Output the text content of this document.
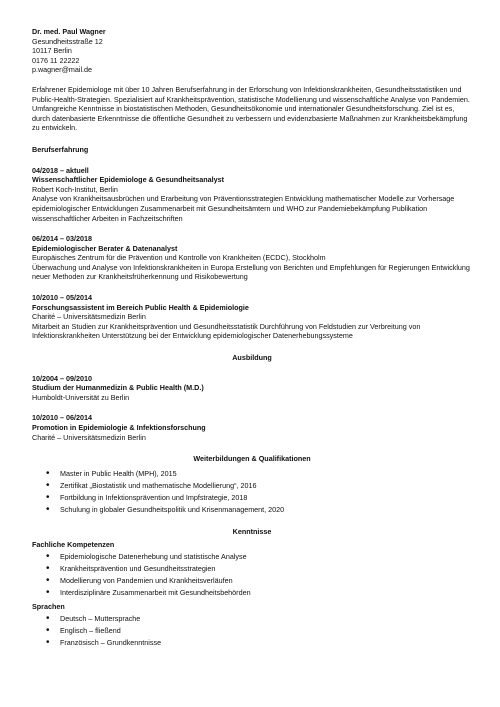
Dr. med. Paul Wagner
Gesundheitsstraße 12
10117 Berlin
0176 11 22222
p.wagner@mail.de
Erfahrener Epidemiologe mit über 10 Jahren Berufserfahrung in der Erforschung von Infektionskrankheiten, Gesundheitsstatistiken und Public-Health-Strategien. Spezialisiert auf Krankheitsprävention, statistische Modellierung und wissenschaftliche Analyse von Pandemien. Umfangreiche Kenntnisse in biostatistischen Methoden, Gesundheitsökonomie und internationaler Gesundheitsforschung. Ziel ist es, durch datenbasierte Erkenntnisse die öffentliche Gesundheit zu verbessern und evidenzbasierte Maßnahmen zur Krankheitsbekämpfung zu entwickeln.
Berufserfahrung
04/2018 – aktuell
Wissenschaftlicher Epidemiologe & Gesundheitsanalyst
Robert Koch-Institut, Berlin
Analyse von Krankheitsausbrüchen und Erarbeitung von Präventionsstrategien Entwicklung mathematischer Modelle zur Vorhersage epidemiologischer Entwicklungen Zusammenarbeit mit Gesundheitsämtern und WHO zur Pandemiebekämpfung Publikation wissenschaftlicher Arbeiten in Fachzeitschriften
06/2014 – 03/2018
Epidemiologischer Berater & Datenanalyst
Europäisches Zentrum für die Prävention und Kontrolle von Krankheiten (ECDC), Stockholm
Überwachung und Analyse von Infektionskrankheiten in Europa Erstellung von Berichten und Empfehlungen für Regierungen Entwicklung neuer Methoden zur Krankheitsfrüherkennung und Risikobewertung
10/2010 – 05/2014
Forschungsassistent im Bereich Public Health & Epidemiologie
Charité – Universitätsmedizin Berlin
Mitarbeit an Studien zur Krankheitsprävention und Gesundheitsstatistik Durchführung von Feldstudien zur Verbreitung von Infektionskrankheiten Unterstützung bei der Entwicklung epidemiologischer Datenerhebungssysteme
Ausbildung
10/2004 – 09/2010
Studium der Humanmedizin & Public Health (M.D.)
Humboldt-Universität zu Berlin
10/2010 – 06/2014
Promotion in Epidemiologie & Infektionsforschung
Charité – Universitätsmedizin Berlin
Weiterbildungen & Qualifikationen
• Master in Public Health (MPH), 2015
• Zertifikat „Biostatistik und mathematische Modellierung“, 2016
• Fortbildung in Infektionsprävention und Impfstrategie, 2018
• Schulung in globaler Gesundheitspolitik und Krisenmanagement, 2020
Kenntnisse
Fachliche Kompetenzen
• Epidemiologische Datenerhebung und statistische Analyse
• Krankheitsprävention und Gesundheitsstrategien
• Modellierung von Pandemien und Krankheitsverläufen
• Interdisziplinäre Zusammenarbeit mit Gesundheitsbehörden
Sprachen
• Deutsch – Muttersprache
• Englisch – fließend
• Französisch – Grundkenntnisse
